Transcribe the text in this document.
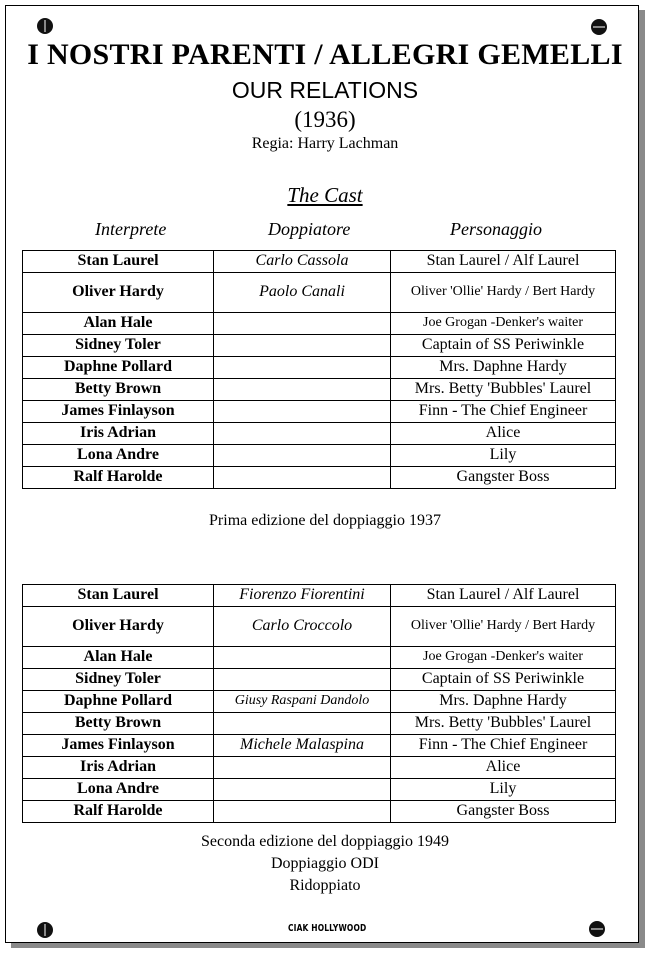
I NOSTRI PARENTI / ALLEGRI GEMELLI
OUR RELATIONS
(1936)
Regia: Harry Lachman
The Cast
Interprete	Doppiatore	Personaggio
Stan Laurel	Carlo Cassola	Stan Laurel / Alf Laurel
Oliver Hardy	Paolo Canali	Oliver 'Ollie' Hardy / Bert Hardy
Alan Hale		Joe Grogan -Denker's waiter
Sidney Toler		Captain of SS Periwinkle
Daphne Pollard		Mrs. Daphne Hardy
Betty Brown		Mrs. Betty 'Bubbles' Laurel
James Finlayson		Finn - The Chief Engineer
Iris Adrian		Alice
Lona Andre		Lily
Ralf Harolde		Gangster Boss
Prima edizione del doppiaggio 1937
Stan Laurel	Fiorenzo Fiorentini	Stan Laurel / Alf Laurel
Oliver Hardy	Carlo Croccolo	Oliver 'Ollie' Hardy / Bert Hardy
Alan Hale		Joe Grogan -Denker's waiter
Sidney Toler		Captain of SS Periwinkle
Daphne Pollard	Giusy Raspani Dandolo	Mrs. Daphne Hardy
Betty Brown		Mrs. Betty 'Bubbles' Laurel
James Finlayson	Michele Malaspina	Finn - The Chief Engineer
Iris Adrian		Alice
Lona Andre		Lily
Ralf Harolde		Gangster Boss
Seconda edizione del doppiaggio 1949
Doppiaggio ODI
Ridoppiato
CIAK HOLLYWOOD
